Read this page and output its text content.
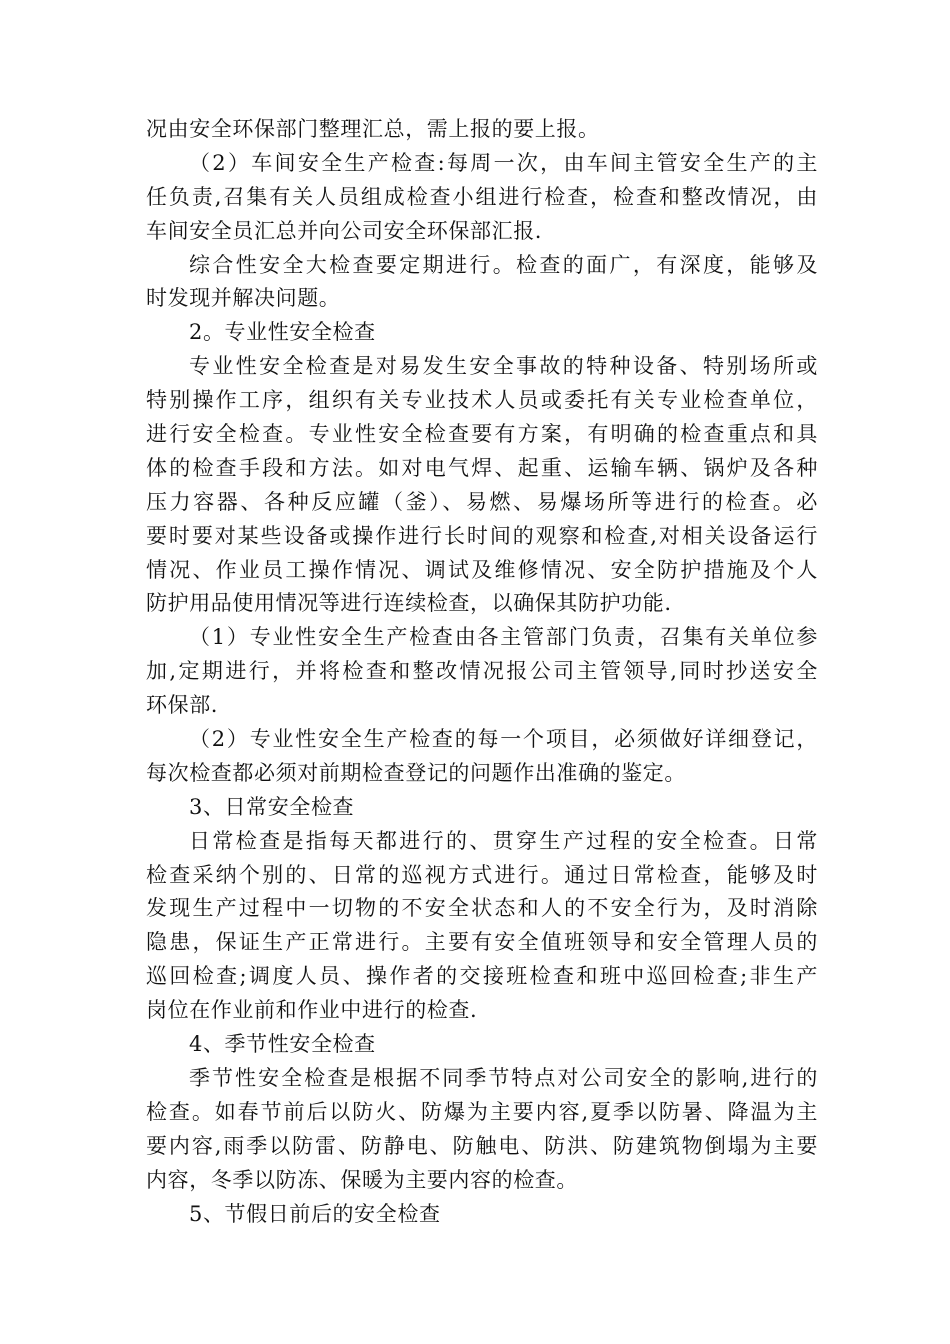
况由安全环保部门整理汇总，需上报的要上报。
（2）车间安全生产检查:每周一次，由车间主管安全生产的主
任负责,召集有关人员组成检查小组进行检查，检查和整改情况，由
车间安全员汇总并向公司安全环保部汇报.
综合性安全大检查要定期进行。检查的面广，有深度，能够及
时发现并解决问题。
2。专业性安全检查
专业性安全检查是对易发生安全事故的特种设备、特别场所或
特别操作工序，组织有关专业技术人员或委托有关专业检查单位，
进行安全检查。专业性安全检查要有方案，有明确的检查重点和具
体的检查手段和方法。如对电气焊、起重、运输车辆、锅炉及各种
压力容器、各种反应罐（釜）、易燃、易爆场所等进行的检查。必
要时要对某些设备或操作进行长时间的观察和检查,对相关设备运行
情况、作业员工操作情况、调试及维修情况、安全防护措施及个人
防护用品使用情况等进行连续检查，以确保其防护功能.
（1）专业性安全生产检查由各主管部门负责，召集有关单位参
加,定期进行，并将检查和整改情况报公司主管领导,同时抄送安全
环保部.
（2）专业性安全生产检查的每一个项目，必须做好详细登记，
每次检查都必须对前期检查登记的问题作出准确的鉴定。
3、日常安全检查
日常检查是指每天都进行的、贯穿生产过程的安全检查。日常
检查采纳个别的、日常的巡视方式进行。通过日常检查，能够及时
发现生产过程中一切物的不安全状态和人的不安全行为，及时消除
隐患，保证生产正常进行。主要有安全值班领导和安全管理人员的
巡回检查;调度人员、操作者的交接班检查和班中巡回检查;非生产
岗位在作业前和作业中进行的检查.
4、季节性安全检查
季节性安全检查是根据不同季节特点对公司安全的影响,进行的
检查。如春节前后以防火、防爆为主要内容,夏季以防暑、降温为主
要内容,雨季以防雷、防静电、防触电、防洪、防建筑物倒塌为主要
内容，冬季以防冻、保暖为主要内容的检查。
5、节假日前后的安全检查
